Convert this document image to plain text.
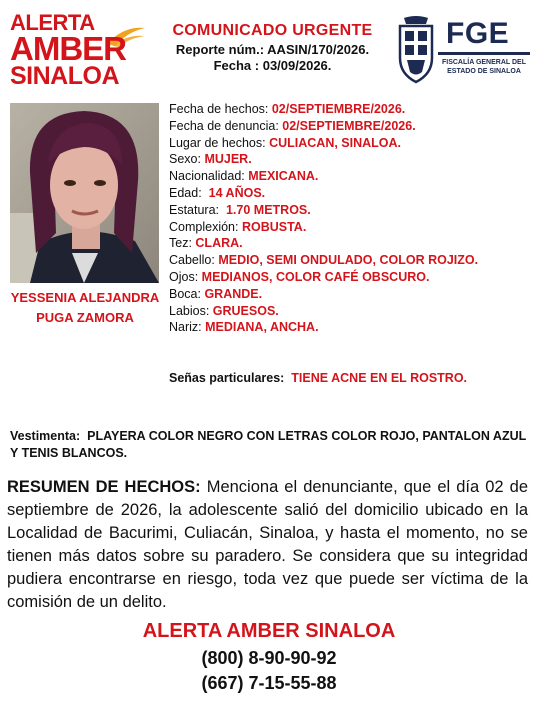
ALERTA
AMBER
SINALOA
COMUNICADO URGENTE
Reporte núm.: AASIN/170/2026.
Fecha : 03/09/2026.
FGE
FISCALÍA GENERAL DEL
ESTADO DE SINALOA
YESSENIA ALEJANDRA
PUGA ZAMORA
Fecha de hechos: 02/SEPTIEMBRE/2026.
Fecha de denuncia: 02/SEPTIEMBRE/2026.
Lugar de hechos: CULIACAN, SINALOA.
Sexo: MUJER.
Nacionalidad: MEXICANA.
Edad:  14 AÑOS.
Estatura:  1.70 METROS.
Complexión: ROBUSTA.
Tez: CLARA.
Cabello: MEDIO, SEMI ONDULADO, COLOR ROJIZO.
Ojos: MEDIANOS, COLOR CAFÉ OBSCURO.
Boca: GRANDE.
Labios: GRUESOS.
Nariz: MEDIANA, ANCHA.
Señas particulares: TIENE ACNE EN EL ROSTRO.
Vestimenta: PLAYERA COLOR NEGRO CON LETRAS COLOR ROJO, PANTALON AZUL Y TENIS BLANCOS.
RESUMEN DE HECHOS: Menciona el denunciante, que el día 02 de septiembre de 2026, la adolescente salió del domicilio ubicado en la Localidad de Bacurimi, Culiacán, Sinaloa, y hasta el momento, no se tienen más datos sobre su paradero. Se considera que su integridad pudiera encontrarse en riesgo, toda vez que puede ser víctima de la comisión de un delito.
ALERTA AMBER SINALOA
(800) 8-90-90-92
(667) 7-15-55-88
